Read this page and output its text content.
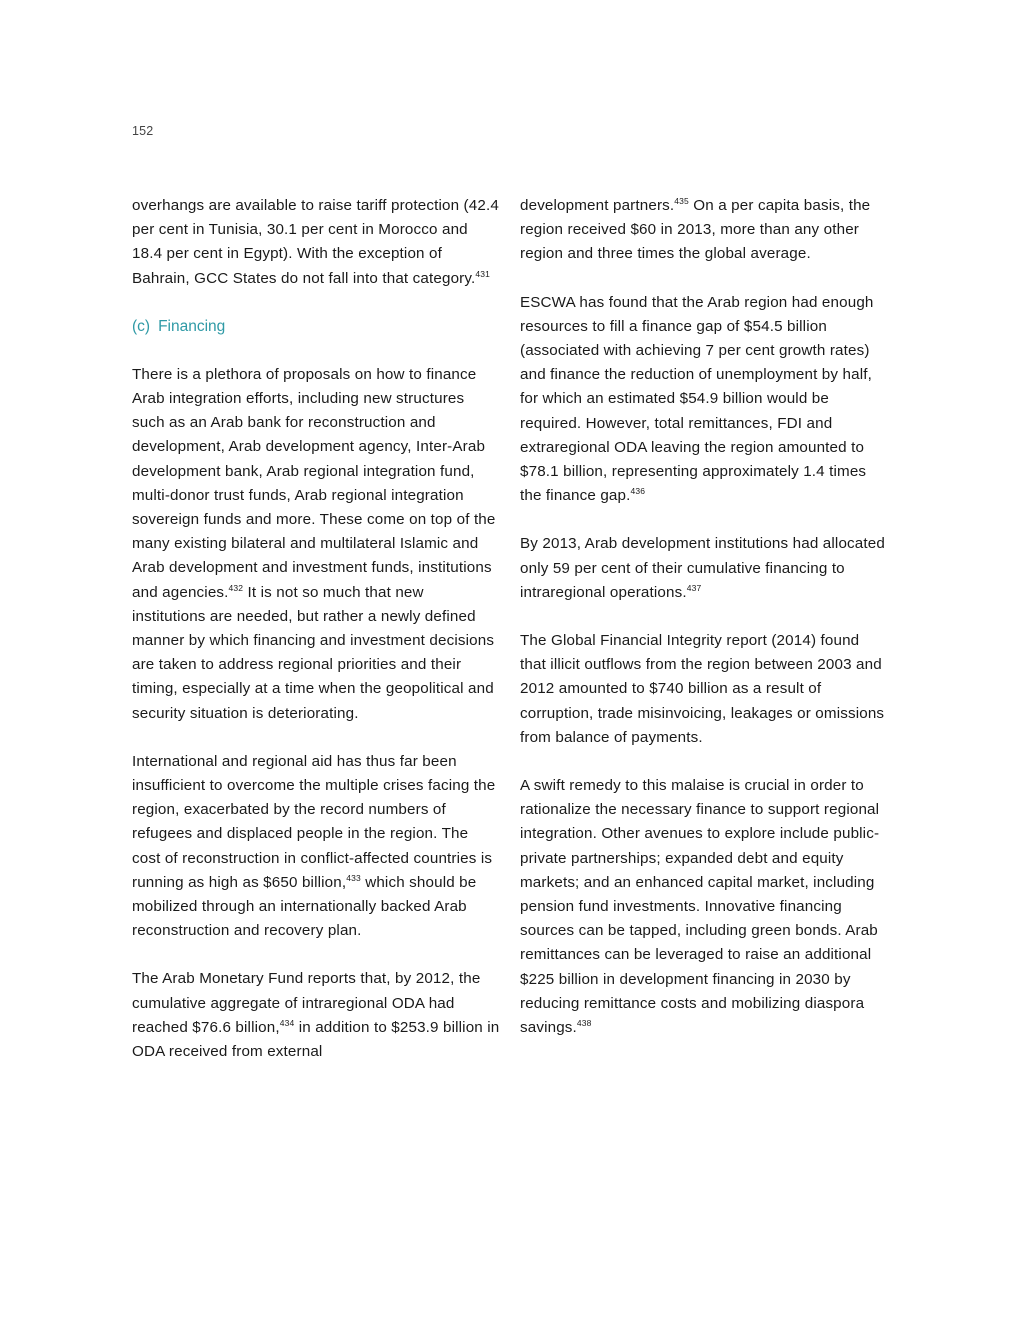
152

overhangs are available to raise tariff protection (42.4 per cent in Tunisia, 30.1 per cent in Morocco and 18.4 per cent in Egypt). With the exception of Bahrain, GCC States do not fall into that category.$^{431}$

(c) Financing

There is a plethora of proposals on how to finance Arab integration efforts, including new structures such as an Arab bank for reconstruction and development, Arab development agency, Inter-Arab development bank, Arab regional integration fund, multi-donor trust funds, Arab regional integration sovereign funds and more. These come on top of the many existing bilateral and multilateral Islamic and Arab development and investment funds, institutions and agencies.$^{432}$ It is not so much that new institutions are needed, but rather a newly defined manner by which financing and investment decisions are taken to address regional priorities and their timing, especially at a time when the geopolitical and security situation is deteriorating.

International and regional aid has thus far been insufficient to overcome the multiple crises facing the region, exacerbated by the record numbers of refugees and displaced people in the region. The cost of reconstruction in conflict-affected countries is running as high as $650 billion,$^{433}$ which should be mobilized through an internationally backed Arab reconstruction and recovery plan.

The Arab Monetary Fund reports that, by 2012, the cumulative aggregate of intraregional ODA had reached $76.6 billion,$^{434}$ in addition to $253.9 billion in ODA received from external

development partners.$^{435}$ On a per capita basis, the region received $60 in 2013, more than any other region and three times the global average.

ESCWA has found that the Arab region had enough resources to fill a finance gap of $54.5 billion (associated with achieving 7 per cent growth rates) and finance the reduction of unemployment by half, for which an estimated $54.9 billion would be required. However, total remittances, FDI and extraregional ODA leaving the region amounted to $78.1 billion, representing approximately 1.4 times the finance gap.$^{436}$

By 2013, Arab development institutions had allocated only 59 per cent of their cumulative financing to intraregional operations.$^{437}$

The Global Financial Integrity report (2014) found that illicit outflows from the region between 2003 and 2012 amounted to $740 billion as a result of corruption, trade misinvoicing, leakages or omissions from balance of payments.

A swift remedy to this malaise is crucial in order to rationalize the necessary finance to support regional integration. Other avenues to explore include public-private partnerships; expanded debt and equity markets; and an enhanced capital market, including pension fund investments. Innovative financing sources can be tapped, including green bonds. Arab remittances can be leveraged to raise an additional $225 billion in development financing in 2030 by reducing remittance costs and mobilizing diaspora savings.$^{438}$
